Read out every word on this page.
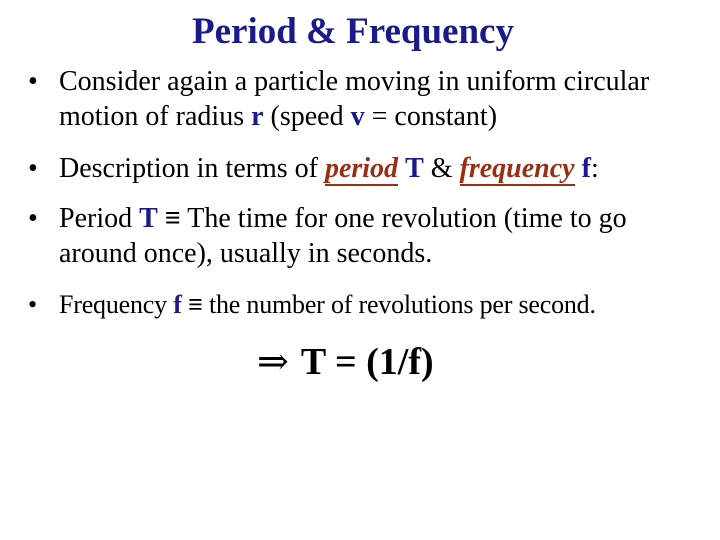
Period & Frequency
• Consider again a particle moving in uniform circular motion of radius r (speed v = constant)
• Description in terms of period T & frequency f:
• Period T ≡ The time for one revolution (time to go around once), usually in seconds.
• Frequency f ≡ the number of revolutions per second.
⇒ T = (1/f)
